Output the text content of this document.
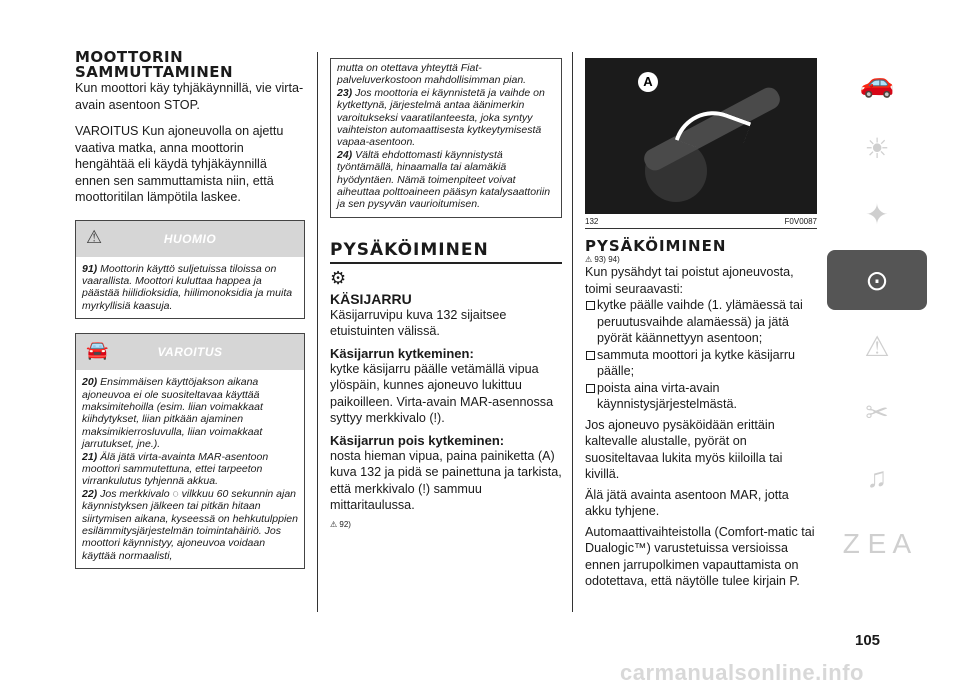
MOOTTORIN SAMMUTTAMINEN

Kun moottori käy tyhjäkäynnillä, vie virta-avain asentoon STOP.

VAROITUS Kun ajoneuvolla on ajettu vaativa matka, anna moottorin hengähtää eli käydä tyhjäkäynnillä ennen sen sammuttamista niin, että moottoritilan lämpötila laskee.

⚠	HUOMIO

91) Moottorin käyttö suljetuissa tiloissa on vaarallista. Moottori kuluttaa happea ja päästää hiilidioksidia, hiilimonoksidia ja muita myrkyllisiä kaasuja.

🚘	VAROITUS

20) Ensimmäisen käyttöjakson aikana ajoneuvoa ei ole suositeltavaa käyttää maksimitehoilla (esim. liian voimakkaat kiihdytykset, liian pitkään ajaminen maksimikierrosluvulla, liian voimakkaat jarrutukset, jne.).
21) Älä jätä virta-avainta MAR-asentoon moottori sammutettuna, ettei tarpeeton virrankulutus tyhjennä akkua.
22) Jos merkkivalo ◌ vilkkuu 60 sekunnin ajan käynnistyksen jälkeen tai pitkän hitaan siirtymisen aikana, kyseessä on hehkutulppien esilämmitysjärjestelmän toimintahäiriö. Jos moottori käynnistyy, ajoneuvoa voidaan käyttää normaalisti,

mutta on otettava yhteyttä Fiat-palveluverkostoon mahdollisimman pian.
23) Jos moottoria ei käynnistetä ja vaihde on kytkettynä, järjestelmä antaa äänimerkin varoitukseksi vaaratilanteesta, joka syntyy vaihteiston automaattisesta kytkeytymisestä vapaa-asentoon.
24) Vältä ehdottomasti käynnistystä työntämällä, hinaamalla tai alamäkiä hyödyntäen. Nämä toimenpiteet voivat aiheuttaa polttoaineen pääsyn katalysaattoriin ja sen pysyvän vaurioitumisen.

PYSÄKÖIMINEN

⚙

KÄSIJARRU

Käsijarruvipu kuva 132 sijaitsee etuistuinten välissä.

Käsijarrun kytkeminen:

kytke käsijarru päälle vetämällä vipua ylöspäin, kunnes ajoneuvo lukittuu paikoilleen. Virta-avain MAR-asennossa syttyy merkkivalo (!).

Käsijarrun pois kytkeminen:

nosta hieman vipua, paina painiketta (A) kuva 132 ja pidä se painettuna ja tarkista, että merkkivalo (!) sammuu mittaritaulussa.

⚠ 92)
A
132	F0V0087

PYSÄKÖIMINEN

⚠ 93) 94)

Kun pysähdyt tai poistut ajoneuvosta, toimi seuraavasti:

kytke päälle vaihde (1. ylämäessä tai peruutusvaihde alamäessä) ja jätä pyörät käännettyyn asentoon;

sammuta moottori ja kytke käsijarru päälle;

poista aina virta-avain käynnistysjärjestelmästä.

Jos ajoneuvo pysäköidään erittäin kaltevalle alustalle, pyörät on suositeltavaa lukita myös kiiloilla tai kivillä.

Älä jätä avainta asentoon MAR, jotta akku tyhjene.

Automaattivaihteistolla (Comfort-matic tai Dualogic™) varustetuissa versioissa ennen jarrupolkimen vapauttamista on odotettava, että näytölle tulee kirjain P.

🚗
☀
✦
⊙
⚠
✂
♫
Z E A
105
carmanualsonline.info
